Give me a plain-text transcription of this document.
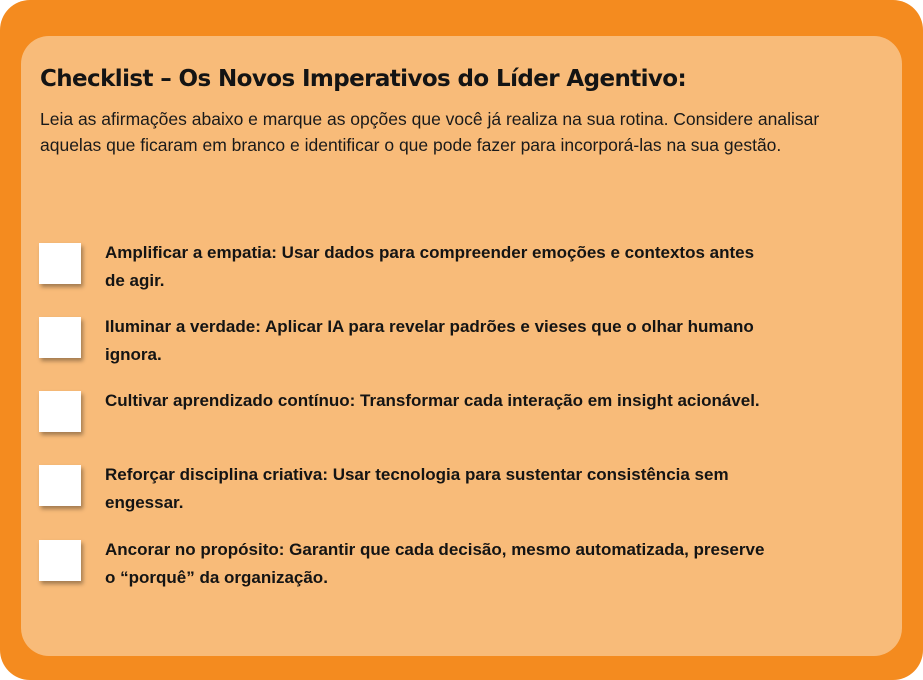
Checklist – Os Novos Imperativos do Líder Agentivo:

Leia as afirmações abaixo e marque as opções que você já realiza na sua rotina. Considere analisar aquelas que ficaram em branco e identificar o que pode fazer para incorporá-las na sua gestão.

Amplificar a empatia: Usar dados para compreender emoções e contextos antes de agir.

Iluminar a verdade: Aplicar IA para revelar padrões e vieses que o olhar humano ignora.

Cultivar aprendizado contínuo: Transformar cada interação em insight acionável.

Reforçar disciplina criativa: Usar tecnologia para sustentar consistência sem engessar.

Ancorar no propósito: Garantir que cada decisão, mesmo automatizada, preserve o “porquê” da organização.
